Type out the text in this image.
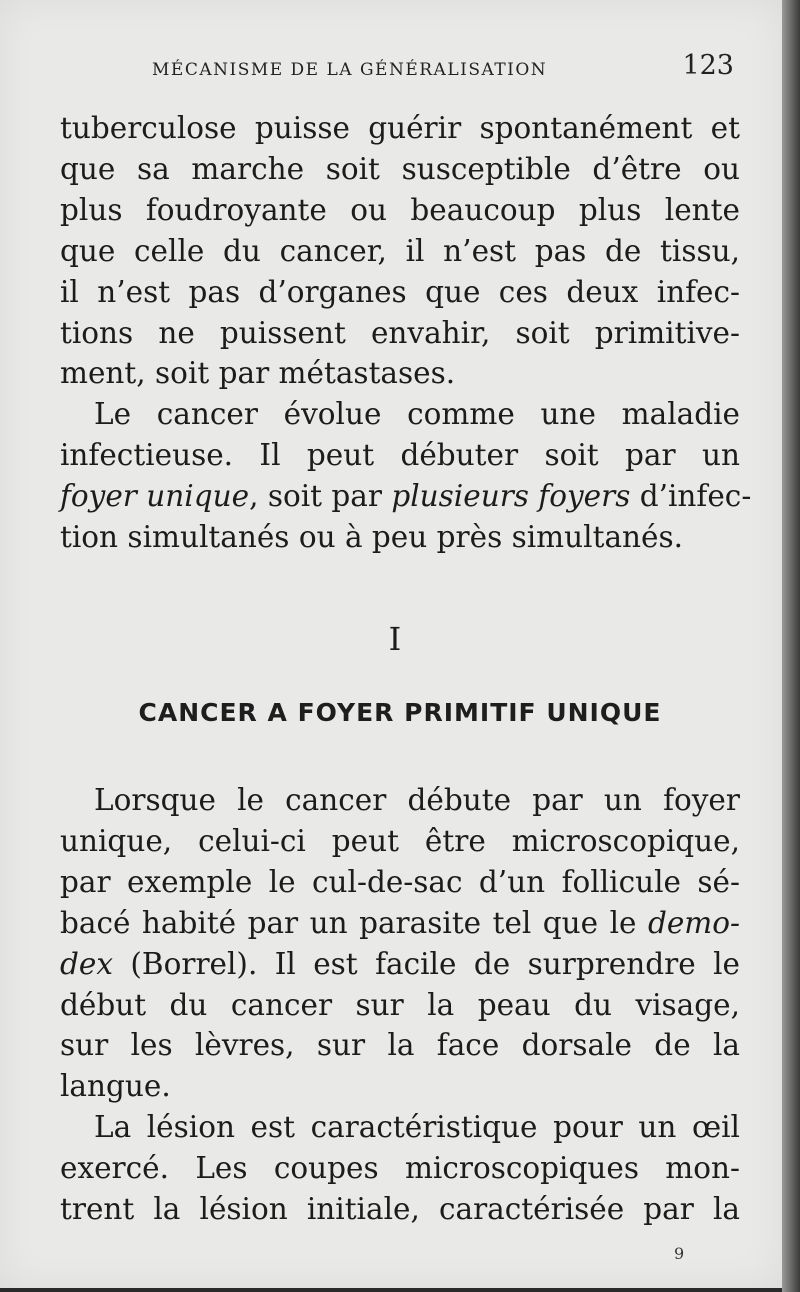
MÉCANISME DE LA GÉNÉRALISATION	123

tuberculose puisse guérir spontanément et
que sa marche soit susceptible d’être ou
plus foudroyante ou beaucoup plus lente
que celle du cancer, il n’est pas de tissu,
il n’est pas d’organes que ces deux infec-
tions ne puissent envahir, soit primitive-
ment, soit par métastases.

Le cancer évolue comme une maladie
infectieuse. Il peut débuter soit par un
foyer unique, soit par plusieurs foyers d’infec-
tion simultanés ou à peu près simultanés.

I
CANCER A FOYER PRIMITIF UNIQUE

Lorsque le cancer débute par un foyer
unique, celui-ci peut être microscopique,
par exemple le cul-de-sac d’un follicule sé-
bacé habité par un parasite tel que le demo-
dex (Borrel). Il est facile de surprendre le
début du cancer sur la peau du visage,
sur les lèvres, sur la face dorsale de la
langue.

La lésion est caractéristique pour un œil
exercé. Les coupes microscopiques mon-
trent la lésion initiale, caractérisée par la

9
